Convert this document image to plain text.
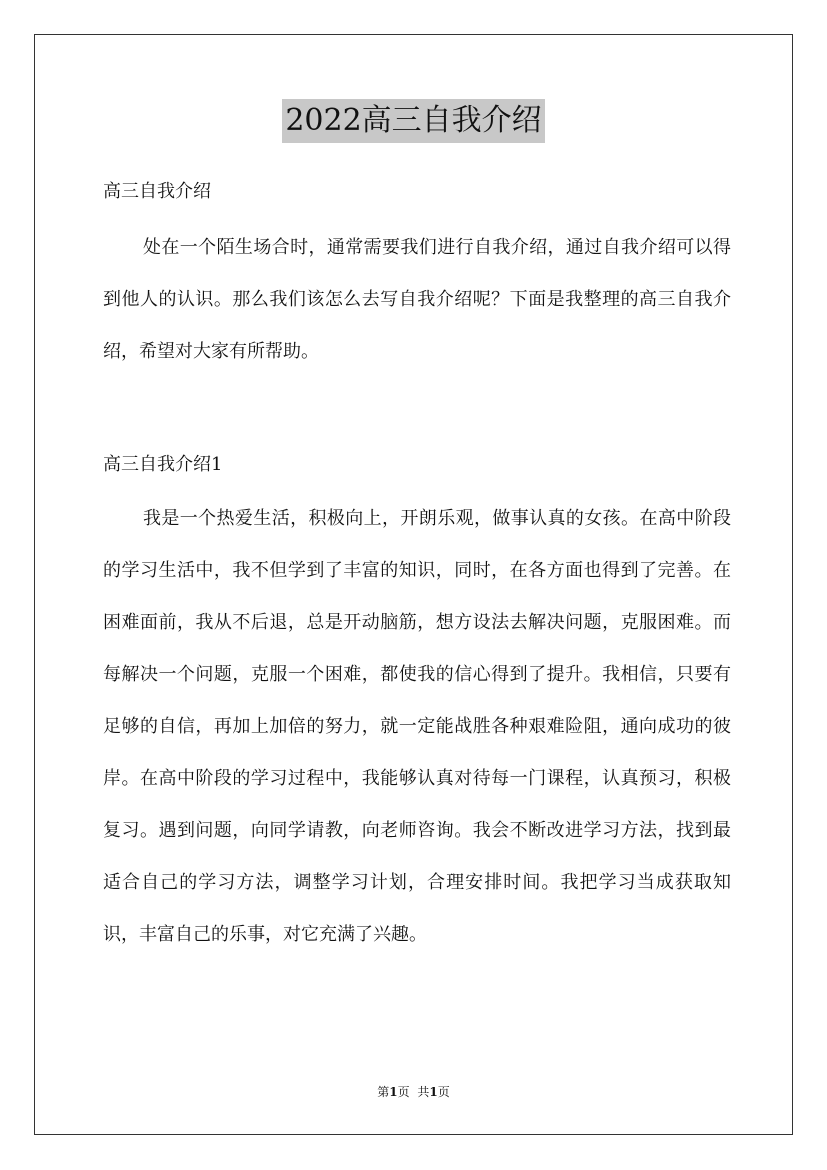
2022高三自我介绍
高三自我介绍

处在一个陌生场合时，通常需要我们进行自我介绍，通过自我介绍可以得到他人的认识。那么我们该怎么去写自我介绍呢？下面是我整理的高三自我介绍，希望对大家有所帮助。

高三自我介绍1

我是一个热爱生活，积极向上，开朗乐观，做事认真的女孩。在高中阶段的学习生活中，我不但学到了丰富的知识，同时，在各方面也得到了完善。在困难面前，我从不后退，总是开动脑筋，想方设法去解决问题，克服困难。而每解决一个问题，克服一个困难，都使我的信心得到了提升。我相信，只要有足够的自信，再加上加倍的努力，就一定能战胜各种艰难险阻，通向成功的彼岸。在高中阶段的学习过程中，我能够认真对待每一门课程，认真预习，积极复习。遇到问题，向同学请教，向老师咨询。我会不断改进学习方法，找到最适合自己的学习方法，调整学习计划，合理安排时间。我把学习当成获取知识，丰富自己的乐事，对它充满了兴趣。

第1页 共1页
